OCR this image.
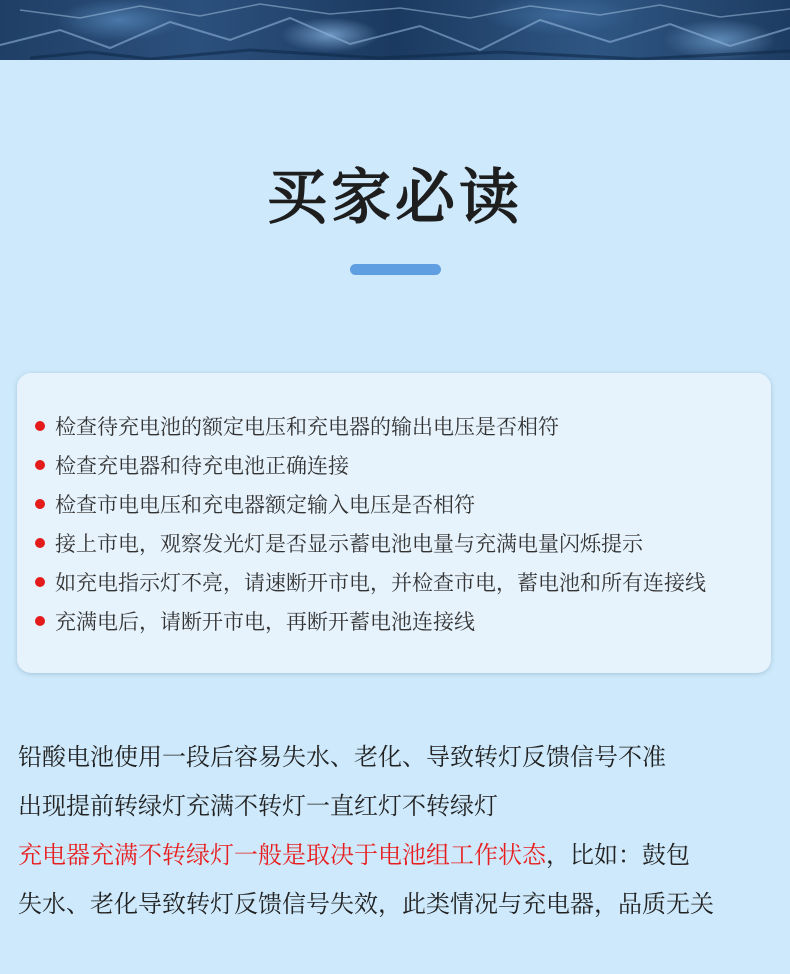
买家必读
检查待充电池的额定电压和充电器的输出电压是否相符
检查充电器和待充电池正确连接
检查市电电压和充电器额定输入电压是否相符
接上市电，观察发光灯是否显示蓄电池电量与充满电量闪烁提示
如充电指示灯不亮，请速断开市电，并检查市电，蓄电池和所有连接线
充满电后，请断开市电，再断开蓄电池连接线
铅酸电池使用一段后容易失水、老化、导致转灯反馈信号不准
出现提前转绿灯充满不转灯一直红灯不转绿灯
充电器充满不转绿灯一般是取决于电池组工作状态，比如：鼓包
失水、老化导致转灯反馈信号失效，此类情况与充电器，品质无关
